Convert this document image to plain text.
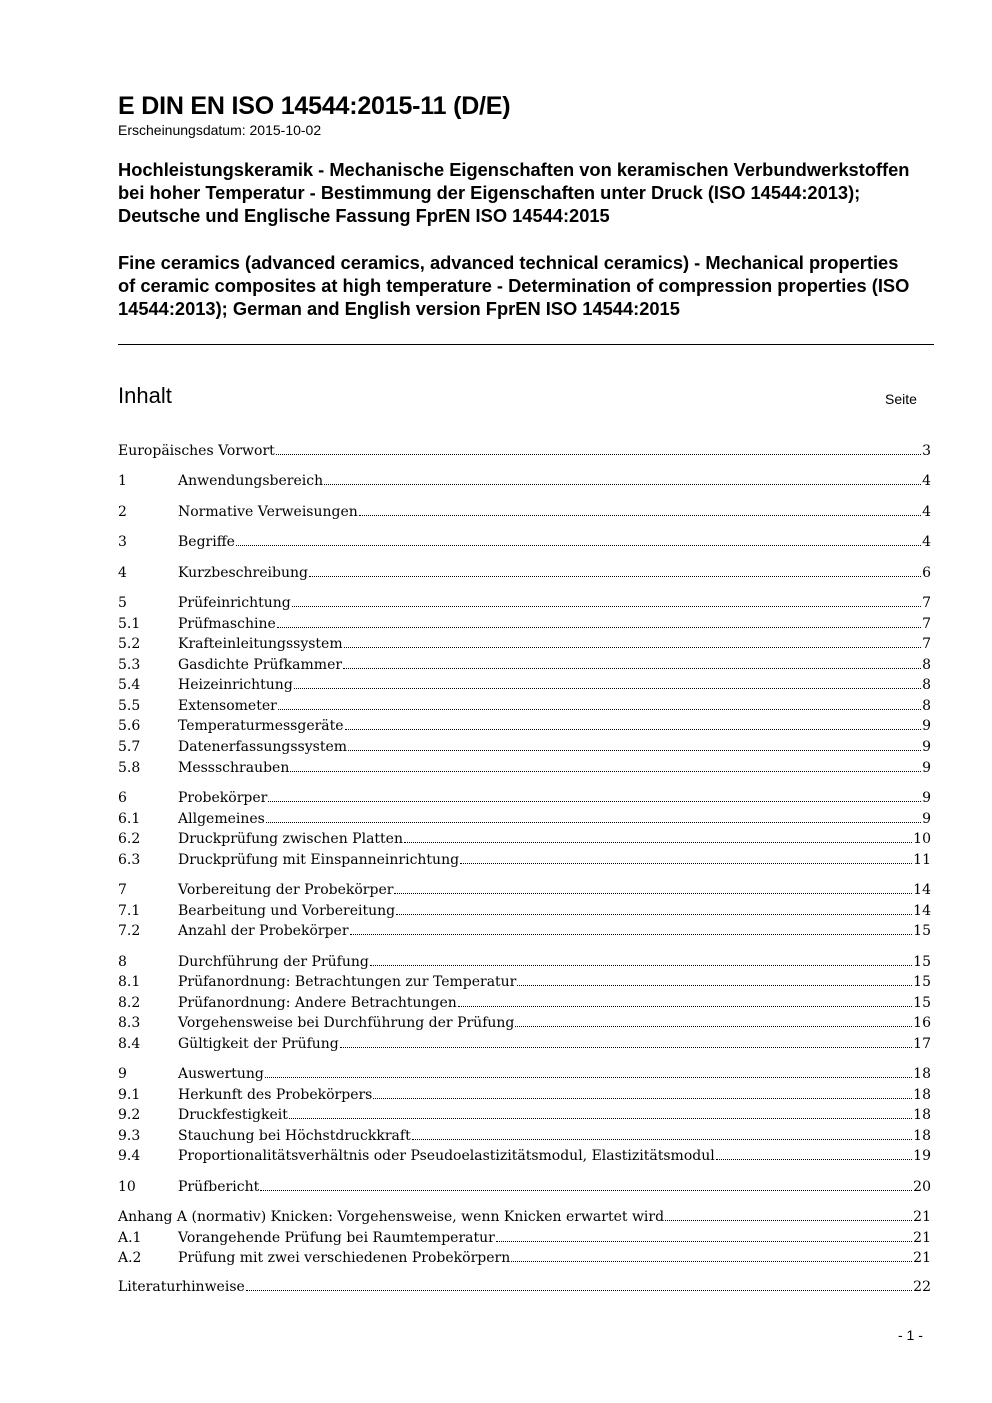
E DIN EN ISO 14544:2015-11 (D/E)
Erscheinungsdatum: 2015-10-02
Hochleistungskeramik - Mechanische Eigenschaften von keramischen Verbundwerkstoffen bei hoher Temperatur - Bestimmung der Eigenschaften unter Druck (ISO 14544:2013); Deutsche und Englische Fassung FprEN ISO 14544:2015
Fine ceramics (advanced ceramics, advanced technical ceramics) - Mechanical properties of ceramic composites at high temperature - Determination of compression properties (ISO 14544:2013); German and English version FprEN ISO 14544:2015
Inhalt	Seite
Europäisches Vorwort	3
1	Anwendungsbereich	4
2	Normative Verweisungen	4
3	Begriffe	4
4	Kurzbeschreibung	6
5	Prüfeinrichtung	7
5.1	Prüfmaschine	7
5.2	Krafteinleitungssystem	7
5.3	Gasdichte Prüfkammer	8
5.4	Heizeinrichtung	8
5.5	Extensometer	8
5.6	Temperaturmessgeräte	9
5.7	Datenerfassungssystem	9
5.8	Messschrauben	9
6	Probekörper	9
6.1	Allgemeines	9
6.2	Druckprüfung zwischen Platten	10
6.3	Druckprüfung mit Einspanneinrichtung	11
7	Vorbereitung der Probekörper	14
7.1	Bearbeitung und Vorbereitung	14
7.2	Anzahl der Probekörper	15
8	Durchführung der Prüfung	15
8.1	Prüfanordnung: Betrachtungen zur Temperatur	15
8.2	Prüfanordnung: Andere Betrachtungen	15
8.3	Vorgehensweise bei Durchführung der Prüfung	16
8.4	Gültigkeit der Prüfung	17
9	Auswertung	18
9.1	Herkunft des Probekörpers	18
9.2	Druckfestigkeit	18
9.3	Stauchung bei Höchstdruckkraft	18
9.4	Proportionalitätsverhältnis oder Pseudoelastizitätsmodul, Elastizitätsmodul	19
10	Prüfbericht	20
Anhang A (normativ) Knicken: Vorgehensweise, wenn Knicken erwartet wird	21
A.1	Vorangehende Prüfung bei Raumtemperatur	21
A.2	Prüfung mit zwei verschiedenen Probekörpern	21
Literaturhinweise	22
- 1 -
